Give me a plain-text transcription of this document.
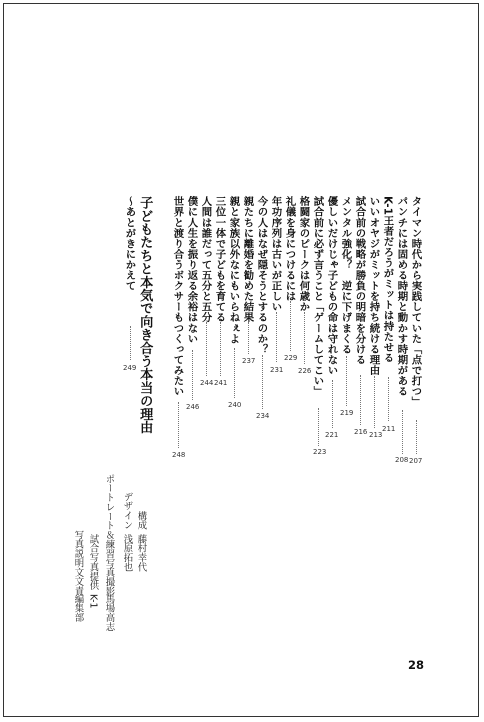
タイマン時代から実践していた「点で打つ」
207
パンチには固める時期と動かす時期がある
208
K-1王者だろうがミットは持たせる
211
いいオヤジがミットを持ち続ける理由
213
試合前の戦略が勝負の明暗を分ける
216
メンタル強化？　逆に下げまくる
219
優しいだけじゃ子どもの命は守れない
221
試合前に必ず言うこと「ゲームしてこい」
223
格闘家のピークは何歳か
226
礼儀を身につけるには
229
年功序列は古いが正しい
231
今の人はなぜ隠そうとするのか？
234
親たちに離婚を勧めた結果
237
親と家族以外なにもいらねぇよ
240
三位一体で子どもを育てる
241
人間は誰だって五分と五分
244
僕に人生を振り返る余裕はない
246
世界と渡り合うボクサーもつくってみたい
248
子どもたちと本気で向き合う本当の理由
～あとがきにかえて
249
構成
藤村幸代
デザイン
浅原拓也
ポートレート＆練習写真撮影
馬場高志
試合写真提供
K-1
写真説明文文責
編集部
28
